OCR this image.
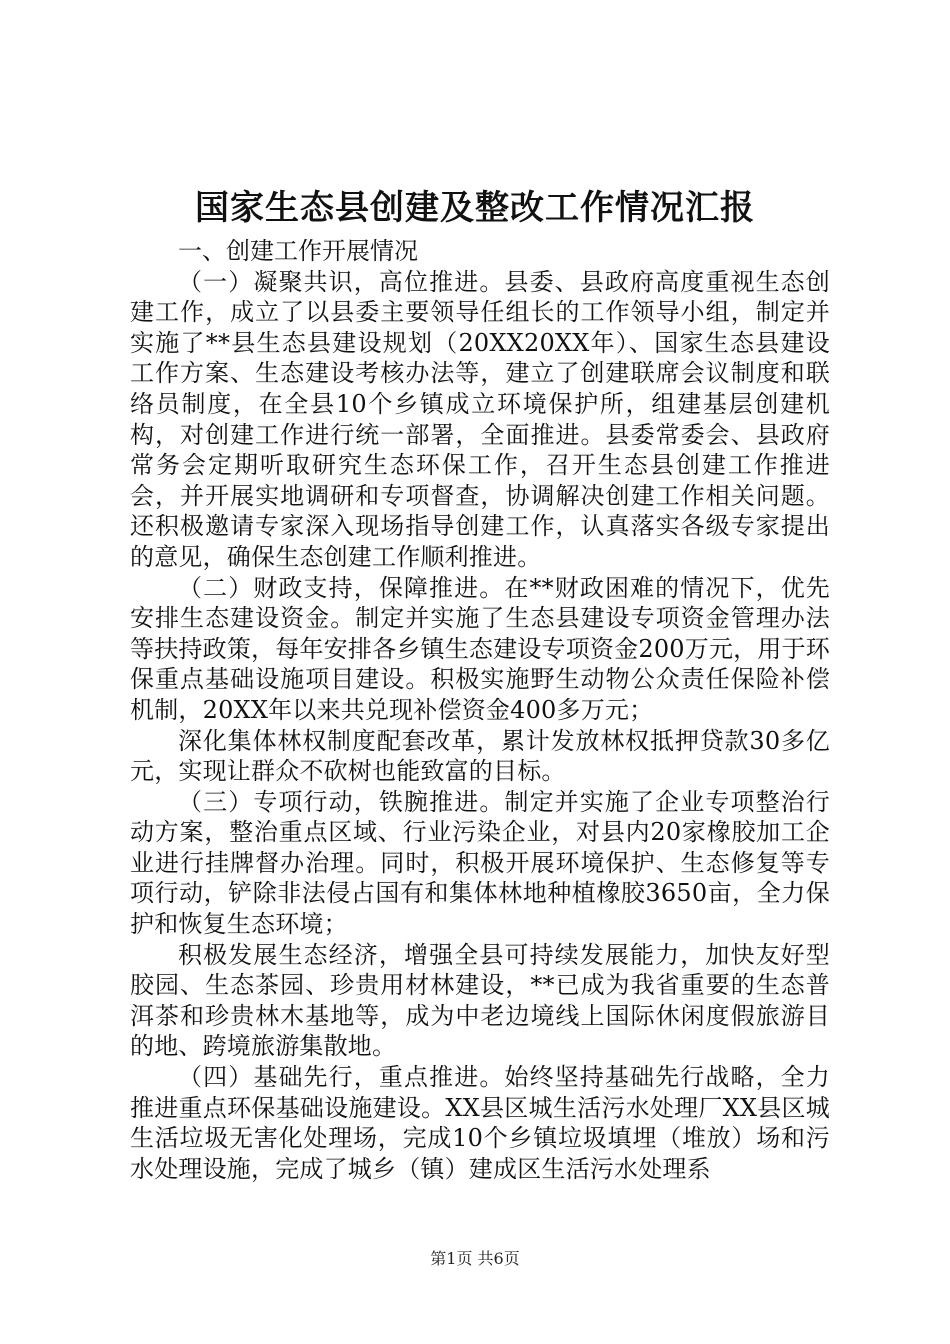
国家生态县创建及整改工作情况汇报

一、创建工作开展情况

（一）凝聚共识，高位推进。县委、县政府高度重视生态创建工作，成立了以县委主要领导任组长的工作领导小组，制定并实施了**县生态县建设规划（20XX20XX年）、国家生态县建设工作方案、生态建设考核办法等，建立了创建联席会议制度和联络员制度，在全县10个乡镇成立环境保护所，组建基层创建机构，对创建工作进行统一部署，全面推进。县委常委会、县政府常务会定期听取研究生态环保工作，召开生态县创建工作推进会，并开展实地调研和专项督查，协调解决创建工作相关问题。还积极邀请专家深入现场指导创建工作，认真落实各级专家提出的意见，确保生态创建工作顺利推进。

（二）财政支持，保障推进。在**财政困难的情况下，优先安排生态建设资金。制定并实施了生态县建设专项资金管理办法等扶持政策，每年安排各乡镇生态建设专项资金200万元，用于环保重点基础设施项目建设。积极实施野生动物公众责任保险补偿机制，20XX年以来共兑现补偿资金400多万元；

深化集体林权制度配套改革，累计发放林权抵押贷款30多亿元，实现让群众不砍树也能致富的目标。

（三）专项行动，铁腕推进。制定并实施了企业专项整治行动方案，整治重点区域、行业污染企业，对县内20家橡胶加工企业进行挂牌督办治理。同时，积极开展环境保护、生态修复等专项行动，铲除非法侵占国有和集体林地种植橡胶3650亩，全力保护和恢复生态环境；

积极发展生态经济，增强全县可持续发展能力，加快友好型胶园、生态茶园、珍贵用材林建设，**已成为我省重要的生态普洱茶和珍贵林木基地等，成为中老边境线上国际休闲度假旅游目的地、跨境旅游集散地。

（四）基础先行，重点推进。始终坚持基础先行战略，全力推进重点环保基础设施建设。XX县区城生活污水处理厂XX县区城生活垃圾无害化处理场，完成10个乡镇垃圾填埋（堆放）场和污水处理设施，完成了城乡（镇）建成区生活污水处理系

第1页 共6页
